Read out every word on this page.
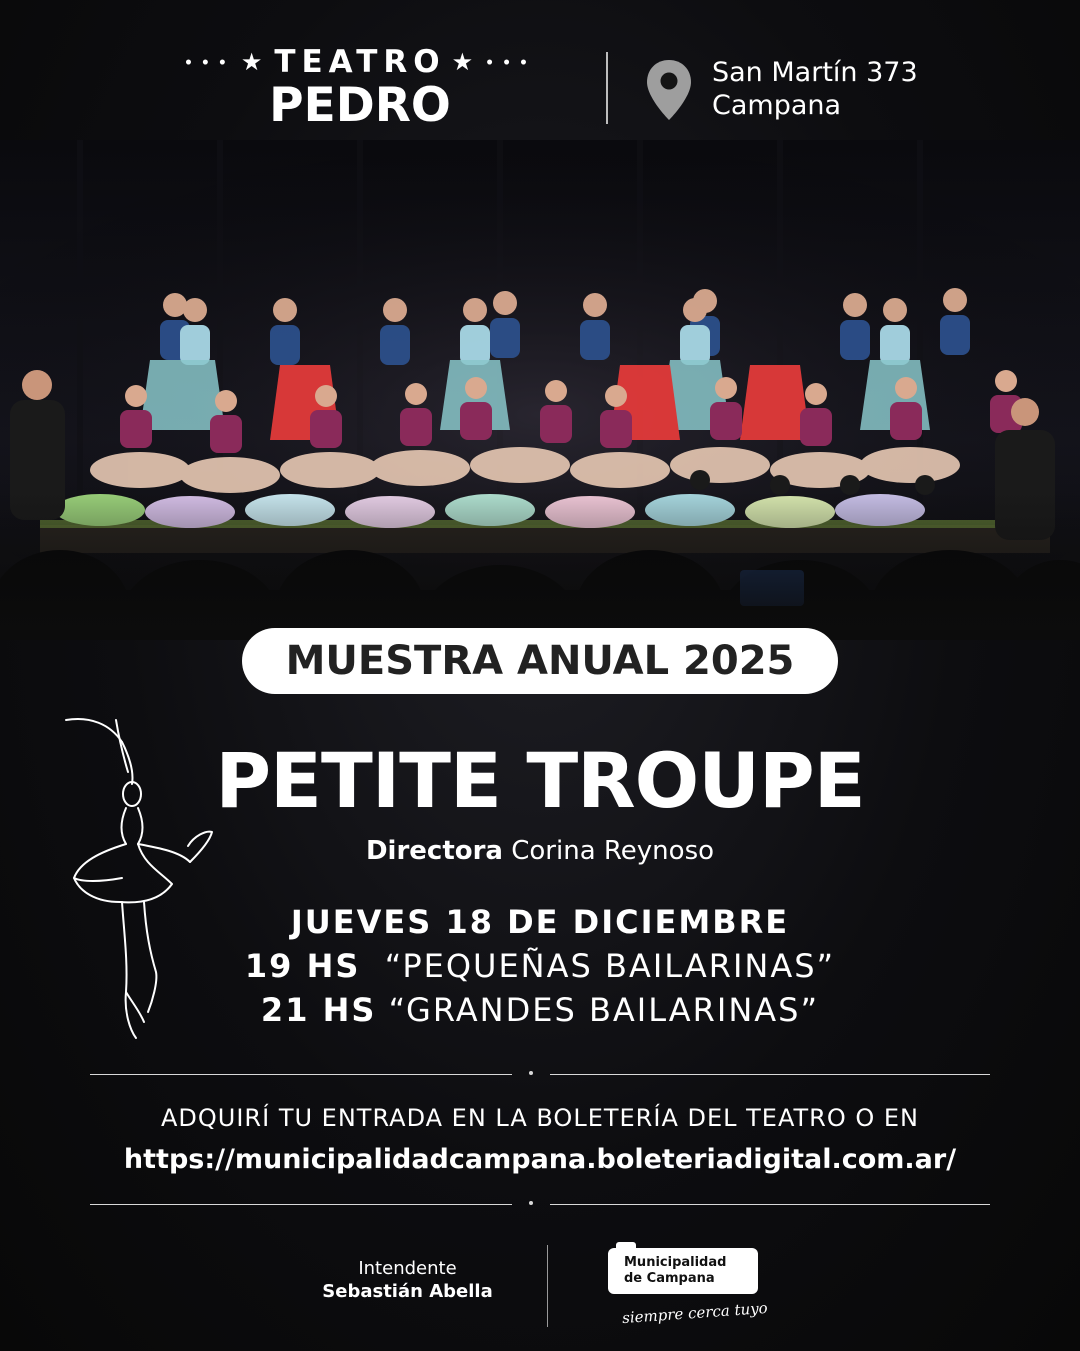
••• ★ TEATRO ★ •••
PEDRO
San Martín 373
Campana
MUESTRA ANUAL 2025
PETITE TROUPE
Directora Corina Reynoso
JUEVES 18 DE DICIEMBRE
19 HS “PEQUEÑAS BAILARINAS”
21 HS “GRANDES BAILARINAS”
ADQUIRÍ TU ENTRADA EN LA BOLETERÍA DEL TEATRO O EN
https://municipalidadcampana.boleteriadigital.com.ar/
Intendente
Sebastián Abella
Municipalidad
de Campana
siempre cerca tuyo
